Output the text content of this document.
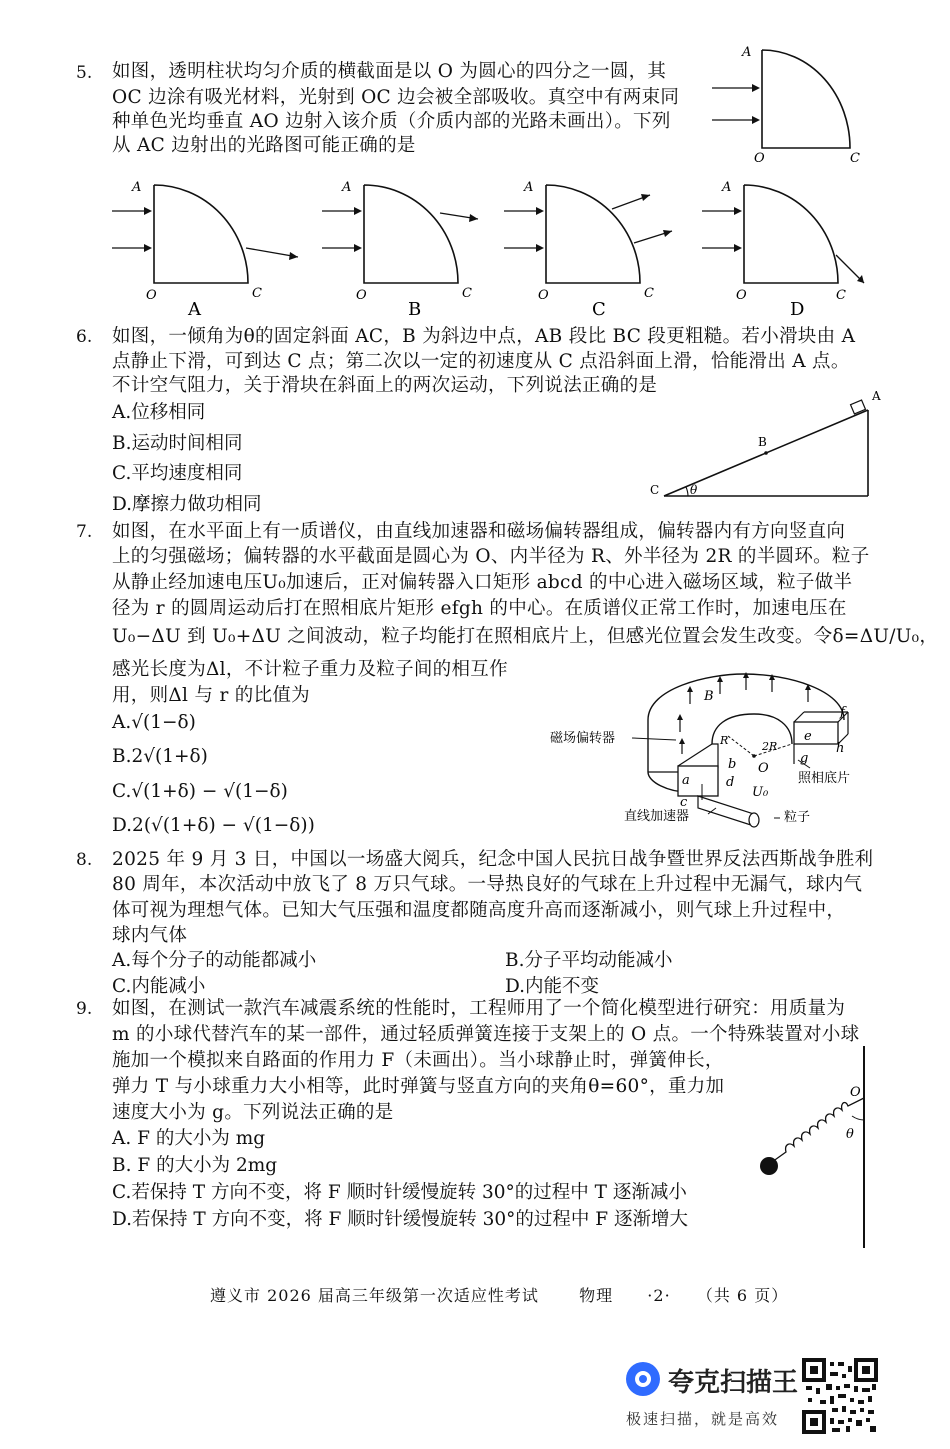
5. 如图，透明柱状均匀介质的横截面是以 O 为圆心的四分之一圆，其
OC 边涂有吸光材料，光射到 OC 边会被全部吸收。真空中有两束同
种单色光均垂直 AO 边射入该介质（介质内部的光路未画出）。下列
从 AC 边射出的光路图可能正确的是
A
O	C
A
O	C
A
A
O	C
B
A
O	C
C
A
O	C
D
6. 如图，一倾角为θ的固定斜面 AC，B 为斜边中点，AB 段比 BC 段更粗糙。若小滑块由 A
点静止下滑，可到达 C 点；第二次以一定的初速度从 C 点沿斜面上滑，恰能滑出 A 点。
不计空气阻力，关于滑块在斜面上的两次运动，下列说法正确的是
A.位移相同
B.运动时间相同
C.平均速度相同
D.摩擦力做功相同
A
B
C	θ
7. 如图，在水平面上有一质谱仪，由直线加速器和磁场偏转器组成，偏转器内有方向竖直向
上的匀强磁场；偏转器的水平截面是圆心为 O、内半径为 R、外半径为 2R 的半圆环。粒子
从静止经加速电压U₀加速后，正对偏转器入口矩形 abcd 的中心进入磁场区域，粒子做半
径为 r 的圆周运动后打在照相底片矩形 efgh 的中心。在质谱仪正常工作时，加速电压在
U₀−ΔU 到 U₀+ΔU 之间波动，粒子均能打在照相底片上，但感光位置会发生改变。令δ=ΔU/U₀，
感光长度为Δl，不计粒子重力及粒子间的相互作
用，则Δl 与 r 的比值为
A.√(1−δ)
B.2√(1+δ)
C.√(1+δ) − √(1−δ)
D.2(√(1+δ) − √(1−δ))
磁场偏转器
直线加速器
照相底片
粒子
B
R	2R
O
U₀
a
b
c
d
e
f
g
h
8. 2025 年 9 月 3 日，中国以一场盛大阅兵，纪念中国人民抗日战争暨世界反法西斯战争胜利
80 周年，本次活动中放飞了 8 万只气球。一导热良好的气球在上升过程中无漏气，球内气
体可视为理想气体。已知大气压强和温度都随高度升高而逐渐减小，则气球上升过程中，
球内气体
A.每个分子的动能都减小	B.分子平均动能减小
C.内能减小	D.内能不变
9. 如图，在测试一款汽车减震系统的性能时，工程师用了一个简化模型进行研究：用质量为
m 的小球代替汽车的某一部件，通过轻质弹簧连接于支架上的 O 点。一个特殊装置对小球
施加一个模拟来自路面的作用力 F（未画出）。当小球静止时，弹簧伸长，
弹力 T 与小球重力大小相等，此时弹簧与竖直方向的夹角θ=60°，重力加
速度大小为 g。下列说法正确的是
A. F 的大小为 mg
B. F 的大小为 2mg
C.若保持 T 方向不变，将 F 顺时针缓慢旋转 30°的过程中 T 逐渐减小
D.若保持 T 方向不变，将 F 顺时针缓慢旋转 30°的过程中 F 逐渐增大
O
θ
遵义市 2026 届高三年级第一次适应性考试	物理 ·2· （共 6 页）
夸克扫描王
极速扫描，就是高效
